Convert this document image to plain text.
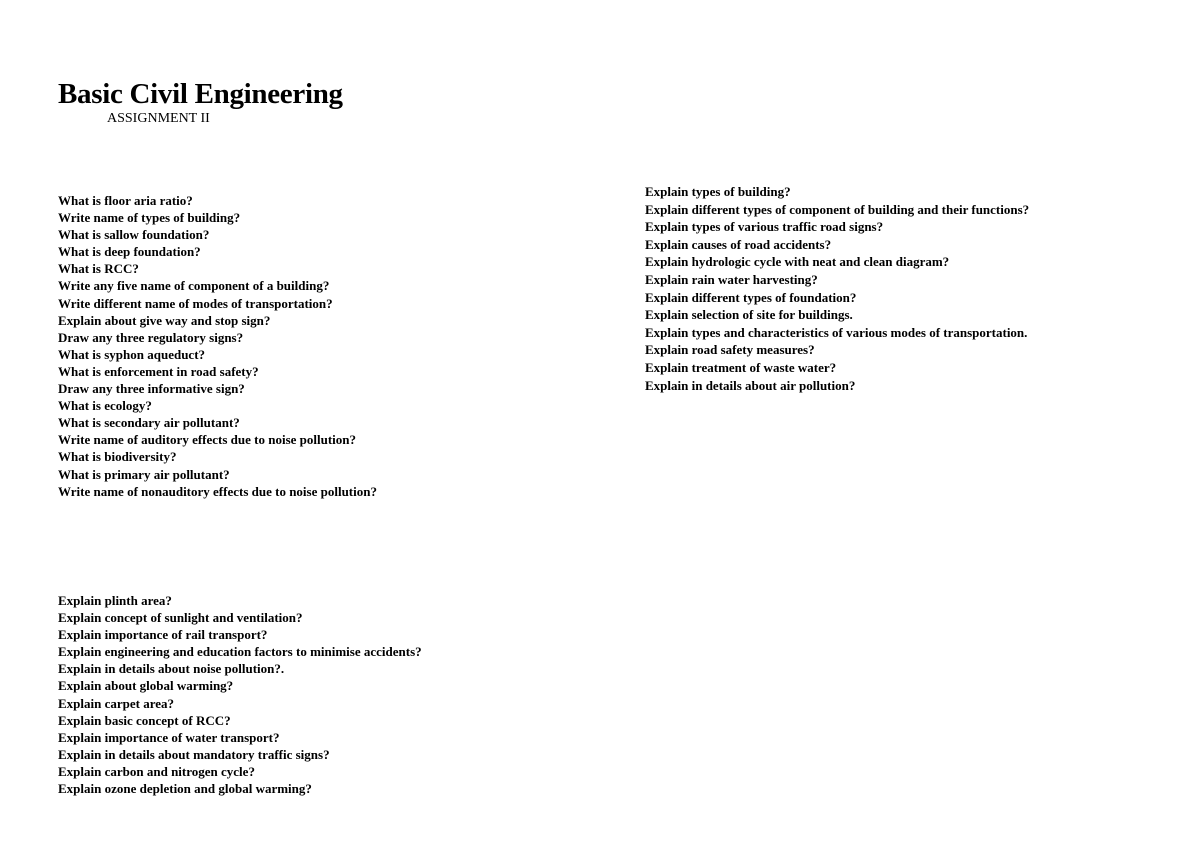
Basic Civil Engineering
ASSIGNMENT II
What is floor aria ratio?
Write name of types of building?
What is sallow foundation?
What is deep foundation?
What is RCC?
Write any five name of component of a building?
Write different name of modes of transportation?
Explain about give way and stop sign?
Draw any three regulatory signs?
What is syphon aqueduct?
What is enforcement in road safety?
Draw any three informative sign?
What is ecology?
What is secondary air pollutant?
Write name of auditory effects due to noise pollution?
What is biodiversity?
What is primary air pollutant?
Write name of nonauditory effects due to noise pollution?
Explain plinth area?
Explain concept of sunlight and ventilation?
Explain importance of rail transport?
Explain engineering and education factors to minimise accidents?
Explain in details about noise pollution?.
Explain about global warming?
Explain carpet area?
Explain basic concept of RCC?
Explain importance of water transport?
Explain in details about mandatory traffic signs?
Explain carbon and nitrogen cycle?
Explain ozone depletion and global warming?
Explain types of building?
Explain different types of component of building and their functions?
Explain types of various traffic road signs?
Explain causes of road accidents?
Explain hydrologic cycle with neat and clean diagram?
Explain rain water harvesting?
Explain different types of foundation?
Explain selection of site for buildings.
Explain types and characteristics of various modes of transportation.
Explain road safety measures?
Explain treatment of waste water?
Explain in details about air pollution?
